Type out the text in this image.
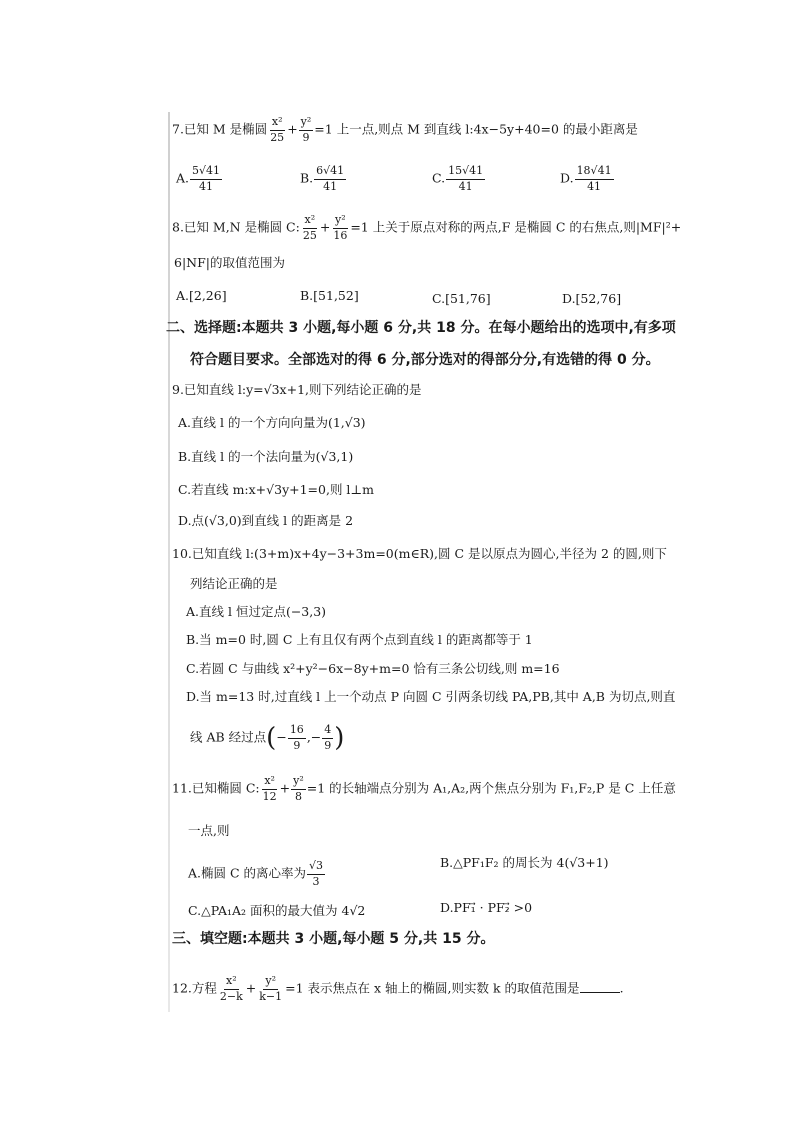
7.已知 M 是椭圆 $\frac{\text{x²}}{25} + \frac{\text{y²}}{9} =1$ 上一点,则点 M 到直线 l:4x−5y+40=0 的最小距离是
A. $\frac{5√41}{41}$	B. $\frac{6√41}{41}$	C. $\frac{15√41}{41}$	D. $\frac{18√41}{41}$
8.已知 M,N 是椭圆 C: $\frac{\text{x²}}{25} + \frac{\text{y²}}{16} =1$ 上关于原点对称的两点,F 是椭圆 C 的右焦点,则|MF|²+
6|NF|的取值范围为
A.[2,26]	B.[51,52]	C.[51,76]	D.[52,76]
二、选择题:本题共 3 小题,每小题 6 分,共 18 分。在每小题给出的选项中,有多项
符合题目要求。全部选对的得 6 分,部分选对的得部分分,有选错的得 0 分。
9.已知直线 l:y=√3x+1,则下列结论正确的是
A.直线 l 的一个方向向量为(1,√3)
B.直线 l 的一个法向量为(√3,1)
C.若直线 m:x+√3y+1=0,则 l⊥m
D.点(√3,0)到直线 l 的距离是 2
10.已知直线 l:(3+m)x+4y−3+3m=0(m∈R),圆 C 是以原点为圆心,半径为 2 的圆,则下
列结论正确的是
A.直线 l 恒过定点(−3,3)
B.当 m=0 时,圆 C 上有且仅有两个点到直线 l 的距离都等于 1
C.若圆 C 与曲线 x²+y²−6x−8y+m=0 恰有三条公切线,则 m=16
D.当 m=13 时,过直线 l 上一个动点 P 向圆 C 引两条切线 PA,PB,其中 A,B 为切点,则直
线 AB 经过点(− $\frac{16}{9}$ ,− $\frac{4}{9}$ )
11.已知椭圆 C: $\frac{\text{x²}}{12} + \frac{\text{y²}}{8} =1$ 的长轴端点分别为 A₁,A₂,两个焦点分别为 F₁,F₂,P 是 C 上任意
一点,则
A.椭圆 C 的离心率为 $\frac{√3}{3}$	B.△PF₁F₂ 的周长为 4(√3+1)
C.△PA₁A₂ 面积的最大值为 4√2	D.PF₁⃗ · PF₂⃗ >0
三、填空题:本题共 3 小题,每小题 5 分,共 15 分。
12.方程 $\frac{\text{x²}}{2-k} + \frac{\text{y²}}{k-1} =1$ 表示焦点在 x 轴上的椭圆,则实数 k 的取值范围是	.
